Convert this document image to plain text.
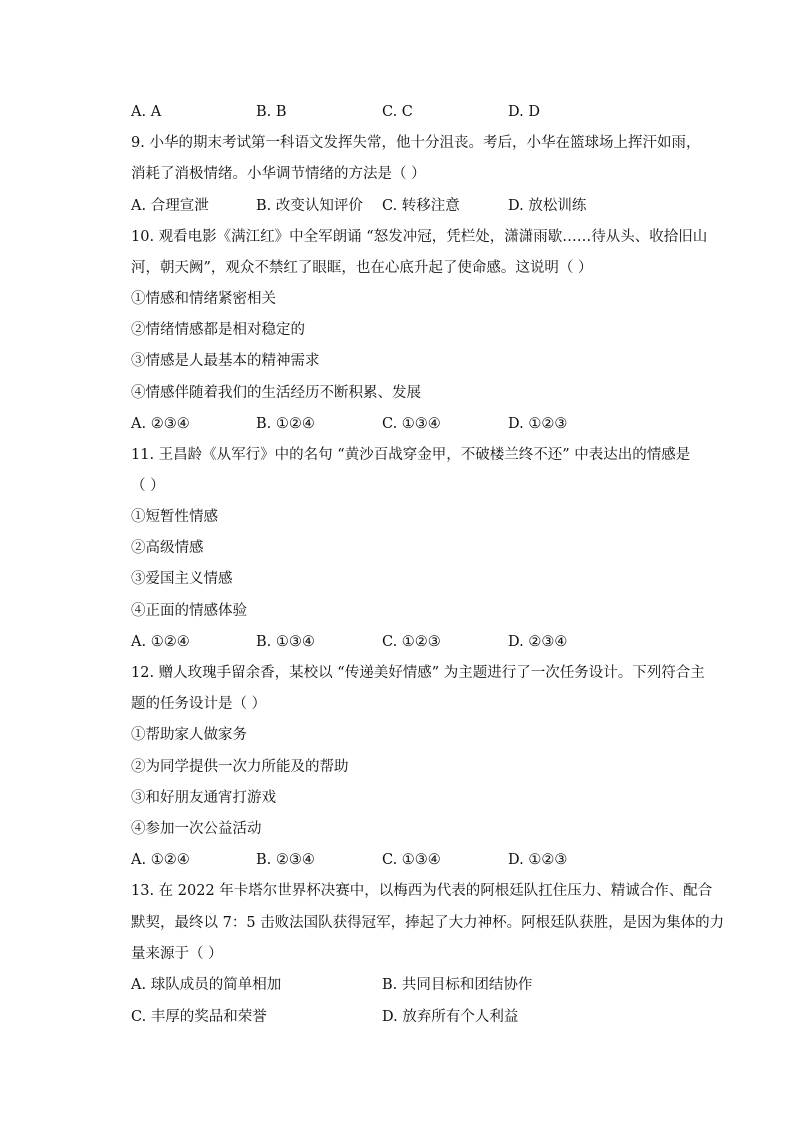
A. A	B. B	C. C	D. D
9. 小华的期末考试第一科语文发挥失常，他十分沮丧。考后，小华在篮球场上挥汗如雨，
消耗了消极情绪。小华调节情绪的方法是（ ）
A. 合理宣泄	B. 改变认知评价 C. 转移注意	D. 放松训练
10. 观看电影《满江红》中全军朗诵 “怒发冲冠，凭栏处，潇潇雨歇……待从头、收拾旧山
河，朝天阙”，观众不禁红了眼眶，也在心底升起了使命感。这说明（ ）
①情感和情绪紧密相关
②情绪情感都是相对稳定的
③情感是人最基本的精神需求
④情感伴随着我们的生活经历不断积累、发展
A. ②③④	B. ①②④	C. ①③④	D. ①②③
11. 王昌龄《从军行》中的名句 “黄沙百战穿金甲，不破楼兰终不还” 中表达出的情感是
（ ）
①短暂性情感
②高级情感
③爱国主义情感
④正面的情感体验
A. ①②④	B. ①③④	C. ①②③	D. ②③④
12. 赠人玫瑰手留余香，某校以 “传递美好情感” 为主题进行了一次任务设计。下列符合主
题的任务设计是（ ）
①帮助家人做家务
②为同学提供一次力所能及的帮助
③和好朋友通宵打游戏
④参加一次公益活动
A. ①②④	B. ②③④	C. ①③④	D. ①②③
13. 在 2022 年卡塔尔世界杯决赛中，以梅西为代表的阿根廷队扛住压力、精诚合作、配合
默契，最终以 7：5 击败法国队获得冠军，捧起了大力神杯。阿根廷队获胜，是因为集体的力
量来源于（ ）
A. 球队成员的简单相加	B. 共同目标和团结协作
C. 丰厚的奖品和荣誉	D. 放弃所有个人利益
